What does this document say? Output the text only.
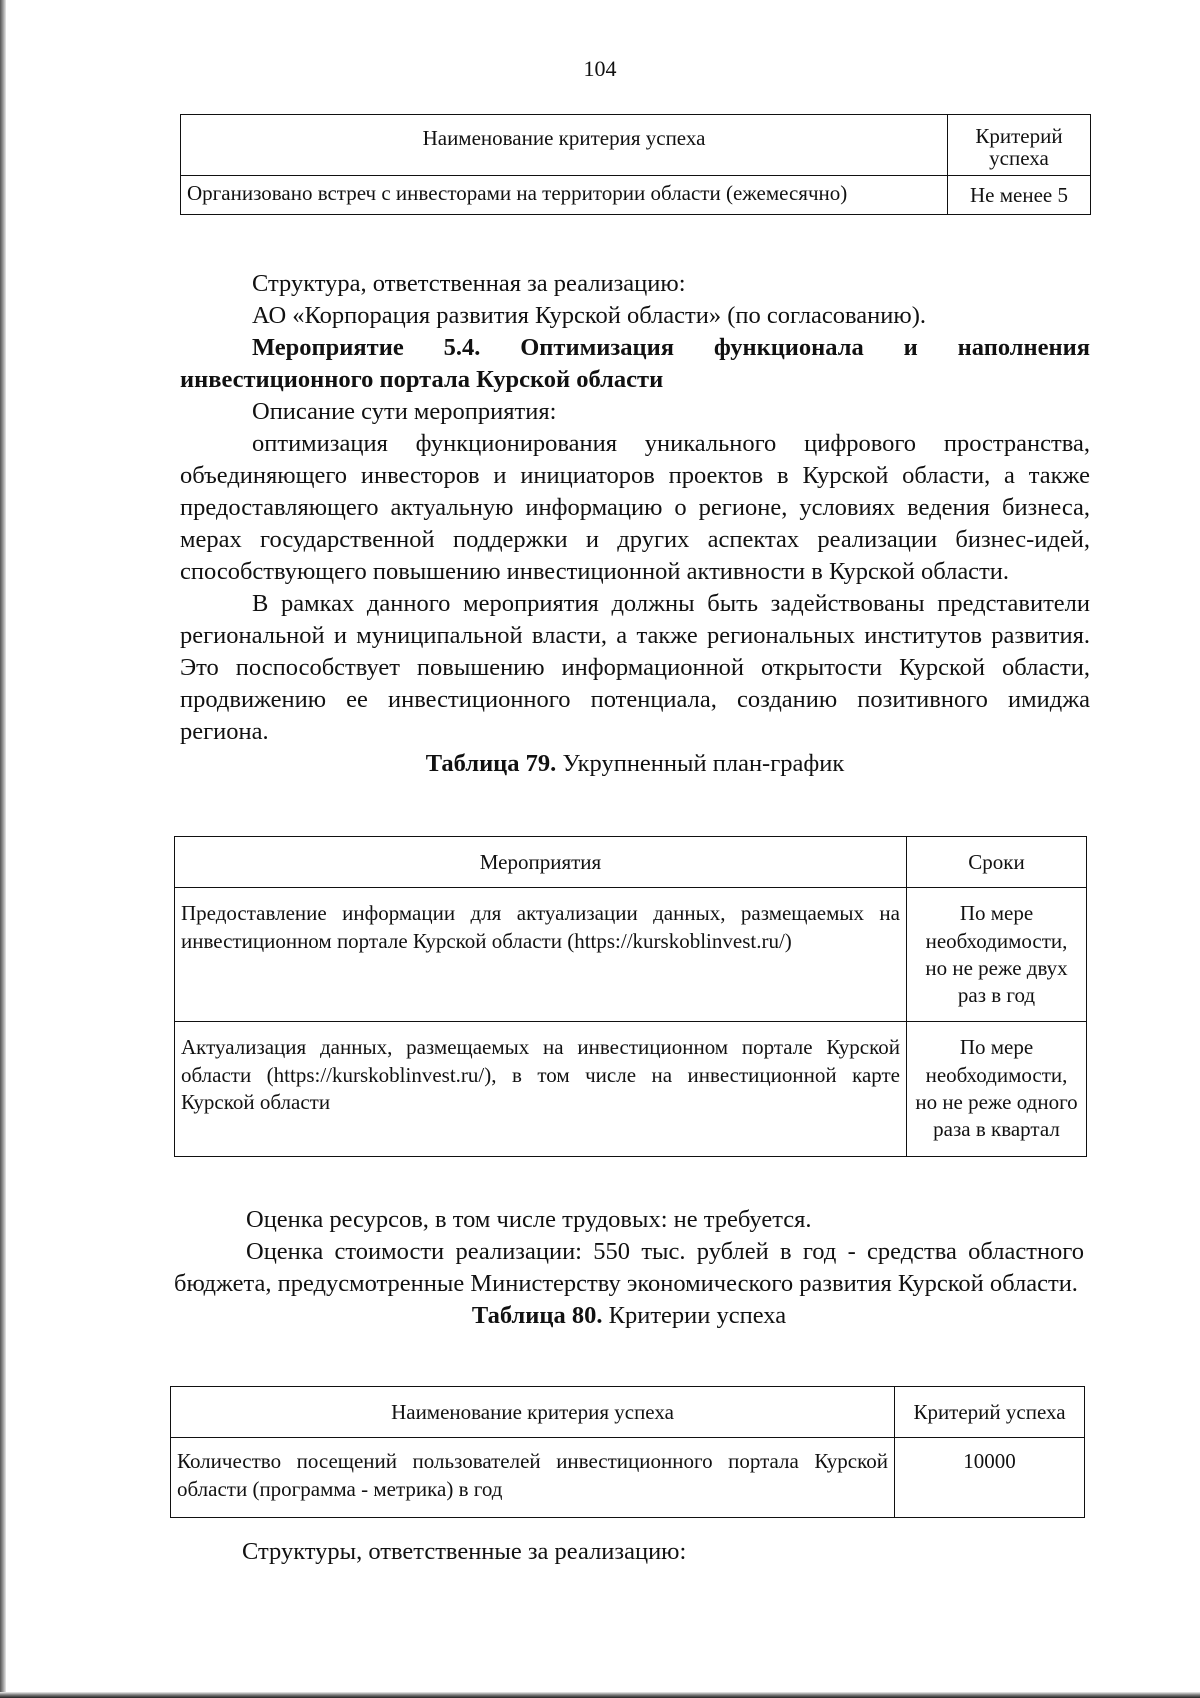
104
Наименование критерия успеха	Критерий успеха
Организовано встреч с инвесторами на территории области (ежемесячно)	Не менее 5

Структура, ответственная за реализацию:

АО «Корпорация развития Курской области» (по согласованию).

Мероприятие 5.4. Оптимизация функционала и наполнения инвестиционного портала Курской области

Описание сути мероприятия:

оптимизация функционирования уникального цифрового пространства, объединяющего инвесторов и инициаторов проектов в Курской области, а также предоставляющего актуальную информацию о регионе, условиях ведения бизнеса, мерах государственной поддержки и других аспектах реализации бизнес-идей, способствующего повышению инвестиционной активности в Курской области.

В рамках данного мероприятия должны быть задействованы представители региональной и муниципальной власти, а также региональных институтов развития. Это поспособствует повышению информационной открытости Курской области, продвижению ее инвестиционного потенциала, созданию позитивного имиджа региона.

Таблица 79. Укрупненный план-график

Мероприятия	Сроки
Предоставление информации для актуализации данных, размещаемых на инвестиционном портале Курской области (https://kurskoblinvest.ru/)	По мере необходимости, но не реже двух раз в год
Актуализация данных, размещаемых на инвестиционном портале Курской области (https://kurskoblinvest.ru/), в том числе на инвестиционной карте Курской области	По мере необходимости, но не реже одного раза в квартал

Оценка ресурсов, в том числе трудовых: не требуется.

Оценка стоимости реализации: 550 тыс. рублей в год - средства областного бюджета, предусмотренные Министерству экономического развития Курской области.

Таблица 80. Критерии успеха

Наименование критерия успеха	Критерий успеха
Количество посещений пользователей инвестиционного портала Курской области (программа - метрика) в год	10000

Структуры, ответственные за реализацию:
